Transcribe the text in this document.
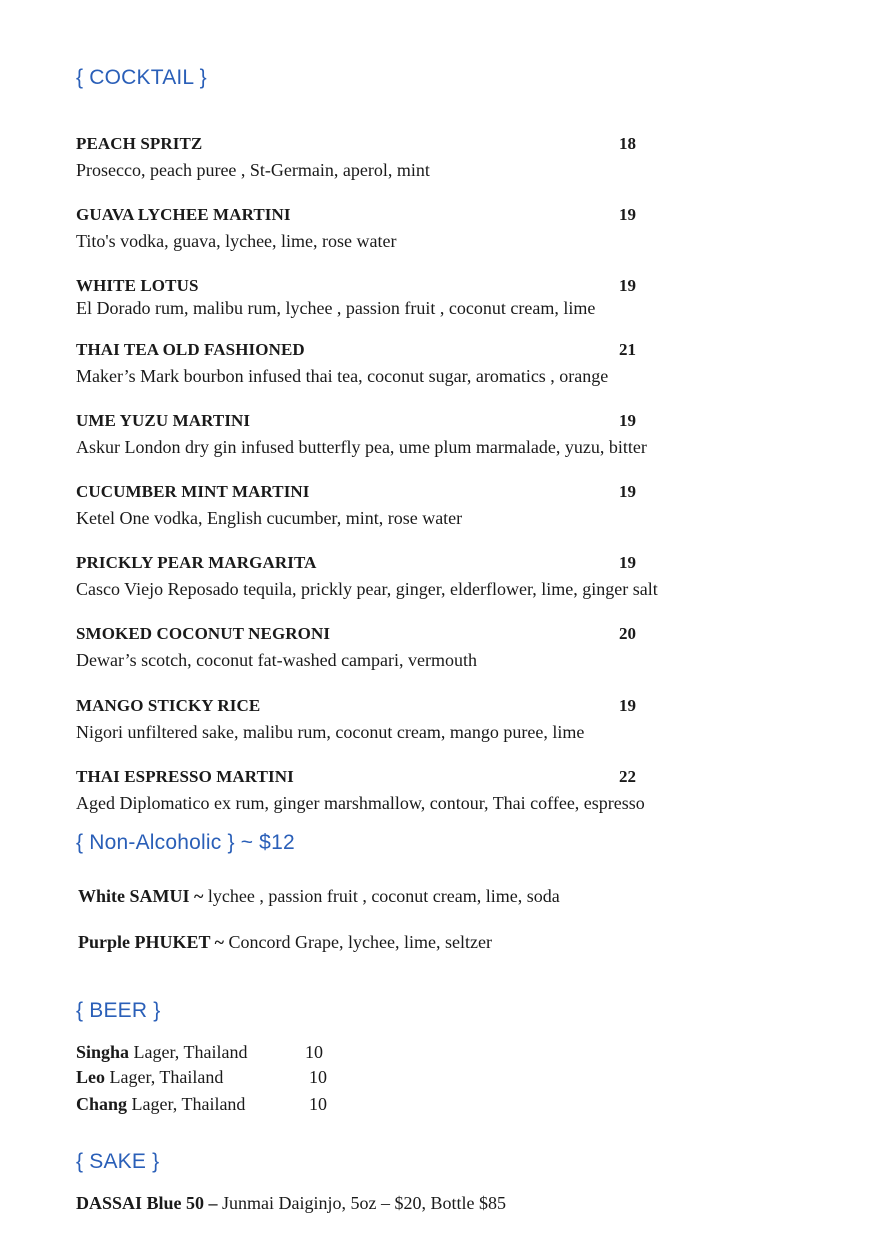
{ COCKTAIL }
PEACH SPRITZ	18
Prosecco, peach puree , St-Germain, aperol, mint
GUAVA LYCHEE MARTINI	19
Tito's vodka, guava, lychee, lime, rose water
WHITE LOTUS	19
El Dorado rum, malibu rum, lychee , passion fruit , coconut cream, lime
THAI TEA OLD FASHIONED	21
Maker’s Mark bourbon infused thai tea, coconut sugar, aromatics , orange
UME YUZU MARTINI	19
Askur London dry gin infused butterfly pea, ume plum marmalade, yuzu, bitter
CUCUMBER MINT MARTINI	19
Ketel One vodka, English cucumber, mint, rose water
PRICKLY PEAR MARGARITA	19
Casco Viejo Reposado tequila, prickly pear, ginger, elderflower, lime, ginger salt
SMOKED COCONUT NEGRONI	20
Dewar’s scotch, coconut fat-washed campari, vermouth
MANGO STICKY RICE	19
Nigori unfiltered sake, malibu rum, coconut cream, mango puree, lime
THAI ESPRESSO MARTINI	22
Aged Diplomatico ex rum, ginger marshmallow, contour, Thai coffee, espresso
{ Non-Alcoholic } ~ $12
White SAMUI ~ lychee , passion fruit , coconut cream, lime, soda
Purple PHUKET ~ Concord Grape, lychee, lime, seltzer
{ BEER }
Singha Lager, Thailand	10
Leo Lager, Thailand	10
Chang Lager, Thailand	10
{ SAKE }
DASSAI Blue 50 – Junmai Daiginjo, 5oz – $20, Bottle $85
